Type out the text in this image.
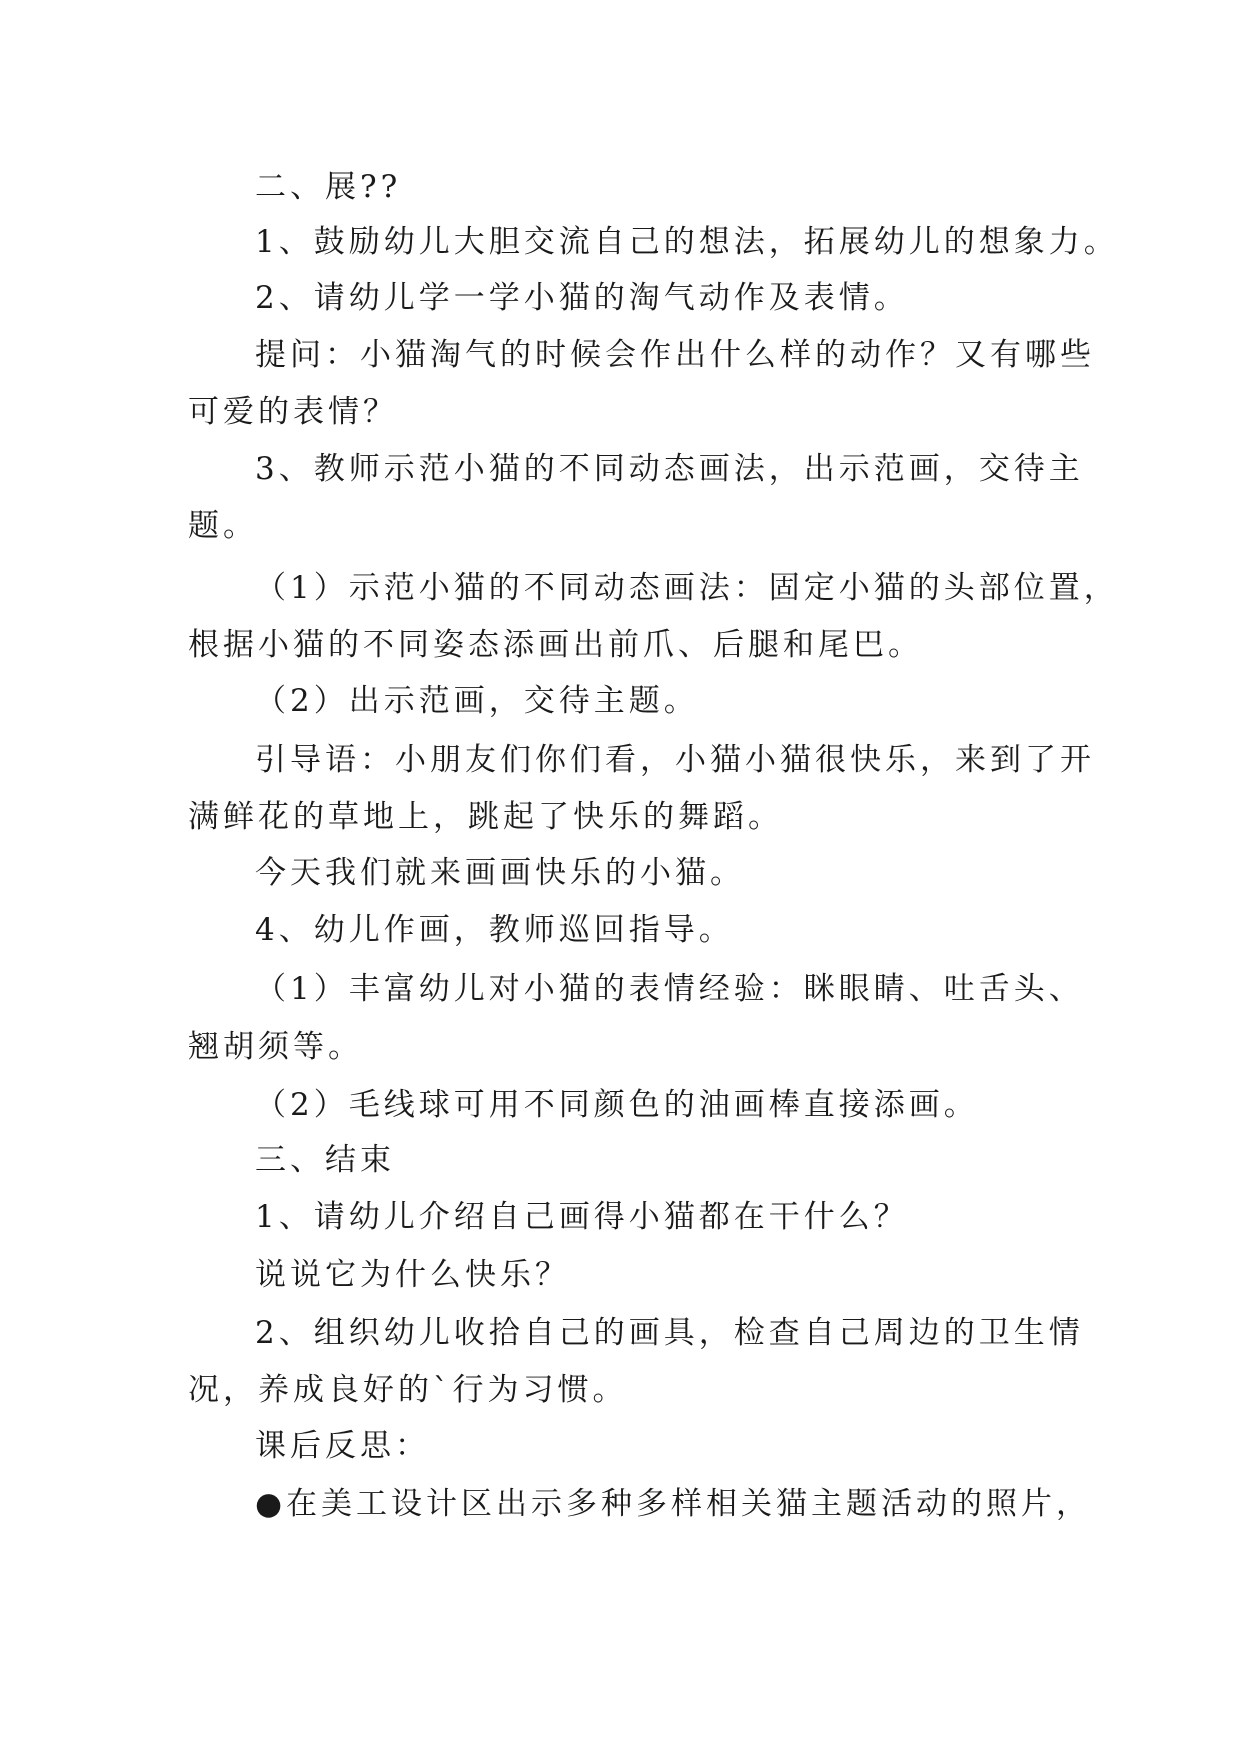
二、展??
1、鼓励幼儿大胆交流自己的想法，拓展幼儿的想象力。
2、请幼儿学一学小猫的淘气动作及表情。
提问：小猫淘气的时候会作出什么样的动作？又有哪些
可爱的表情？
3、教师示范小猫的不同动态画法，出示范画，交待主
题。
（1）示范小猫的不同动态画法：固定小猫的头部位置，
根据小猫的不同姿态添画出前爪、后腿和尾巴。
（2）出示范画，交待主题。
引导语：小朋友们你们看，小猫小猫很快乐，来到了开
满鲜花的草地上，跳起了快乐的舞蹈。
今天我们就来画画快乐的小猫。
4、幼儿作画，教师巡回指导。
（1）丰富幼儿对小猫的表情经验：眯眼睛、吐舌头、
翘胡须等。
（2）毛线球可用不同颜色的油画棒直接添画。
三、结束
1、请幼儿介绍自己画得小猫都在干什么？
说说它为什么快乐？
2、组织幼儿收拾自己的画具，检查自己周边的卫生情
况，养成良好的`行为习惯。
课后反思：
●在美工设计区出示多种多样相关猫主题活动的照片，
